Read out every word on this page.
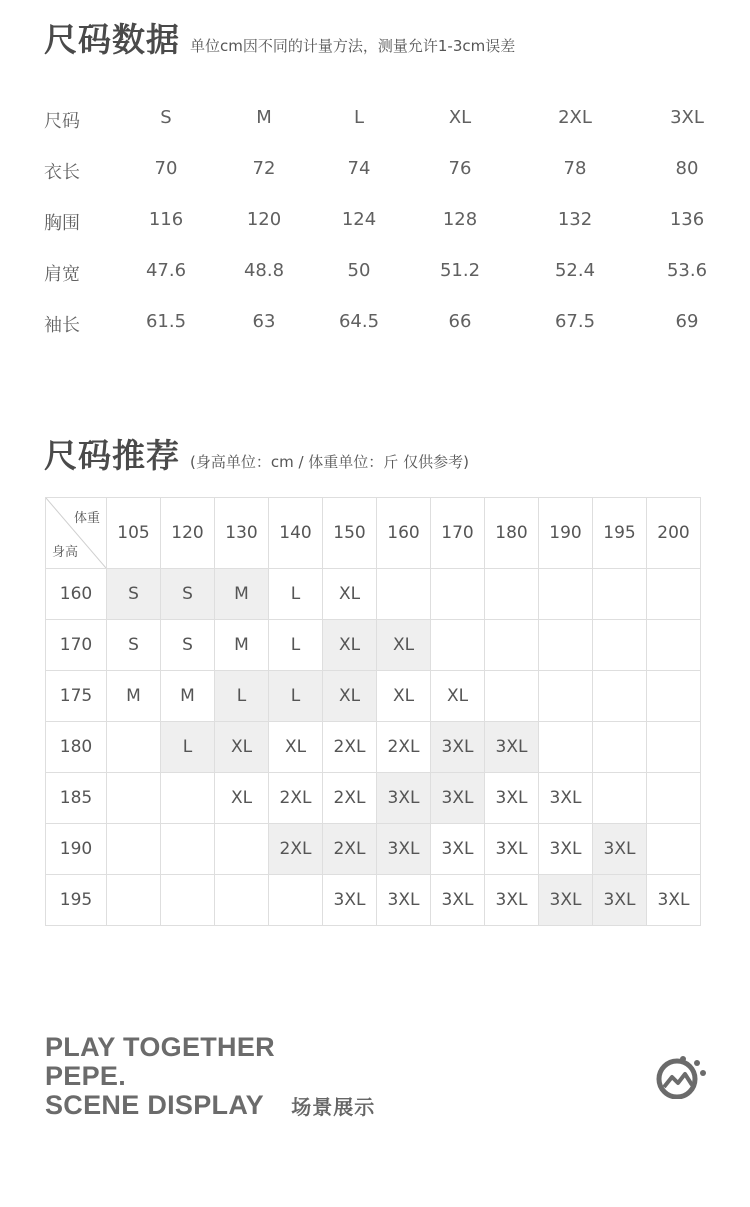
尺码数据 单位cm因不同的计量方法，测量允许1-3cm误差
尺码	S	M	L	XL	2XL	3XL
衣长	70	72	74	76	78	80
胸围	116	120	124	128	132	136
肩宽	47.6	48.8	50	51.2	52.4	53.6
袖长	61.5	63	64.5	66	67.5	69
尺码推荐 (身高单位：cm / 体重单位：斤 仅供参考)
体重
身高	105	120	130	140	150	160	170	180	190	195	200
160	S	S	M	L	XL						
170	S	S	M	L	XL	XL					
175	M	M	L	L	XL	XL	XL				
180		L	XL	XL	2XL	2XL	3XL	3XL			
185			XL	2XL	2XL	3XL	3XL	3XL	3XL		
190				2XL	2XL	3XL	3XL	3XL	3XL	3XL	
195					3XL	3XL	3XL	3XL	3XL	3XL	3XL
PLAY TOGETHER
PEPE.
SCENE DISPLAY 场景展示
